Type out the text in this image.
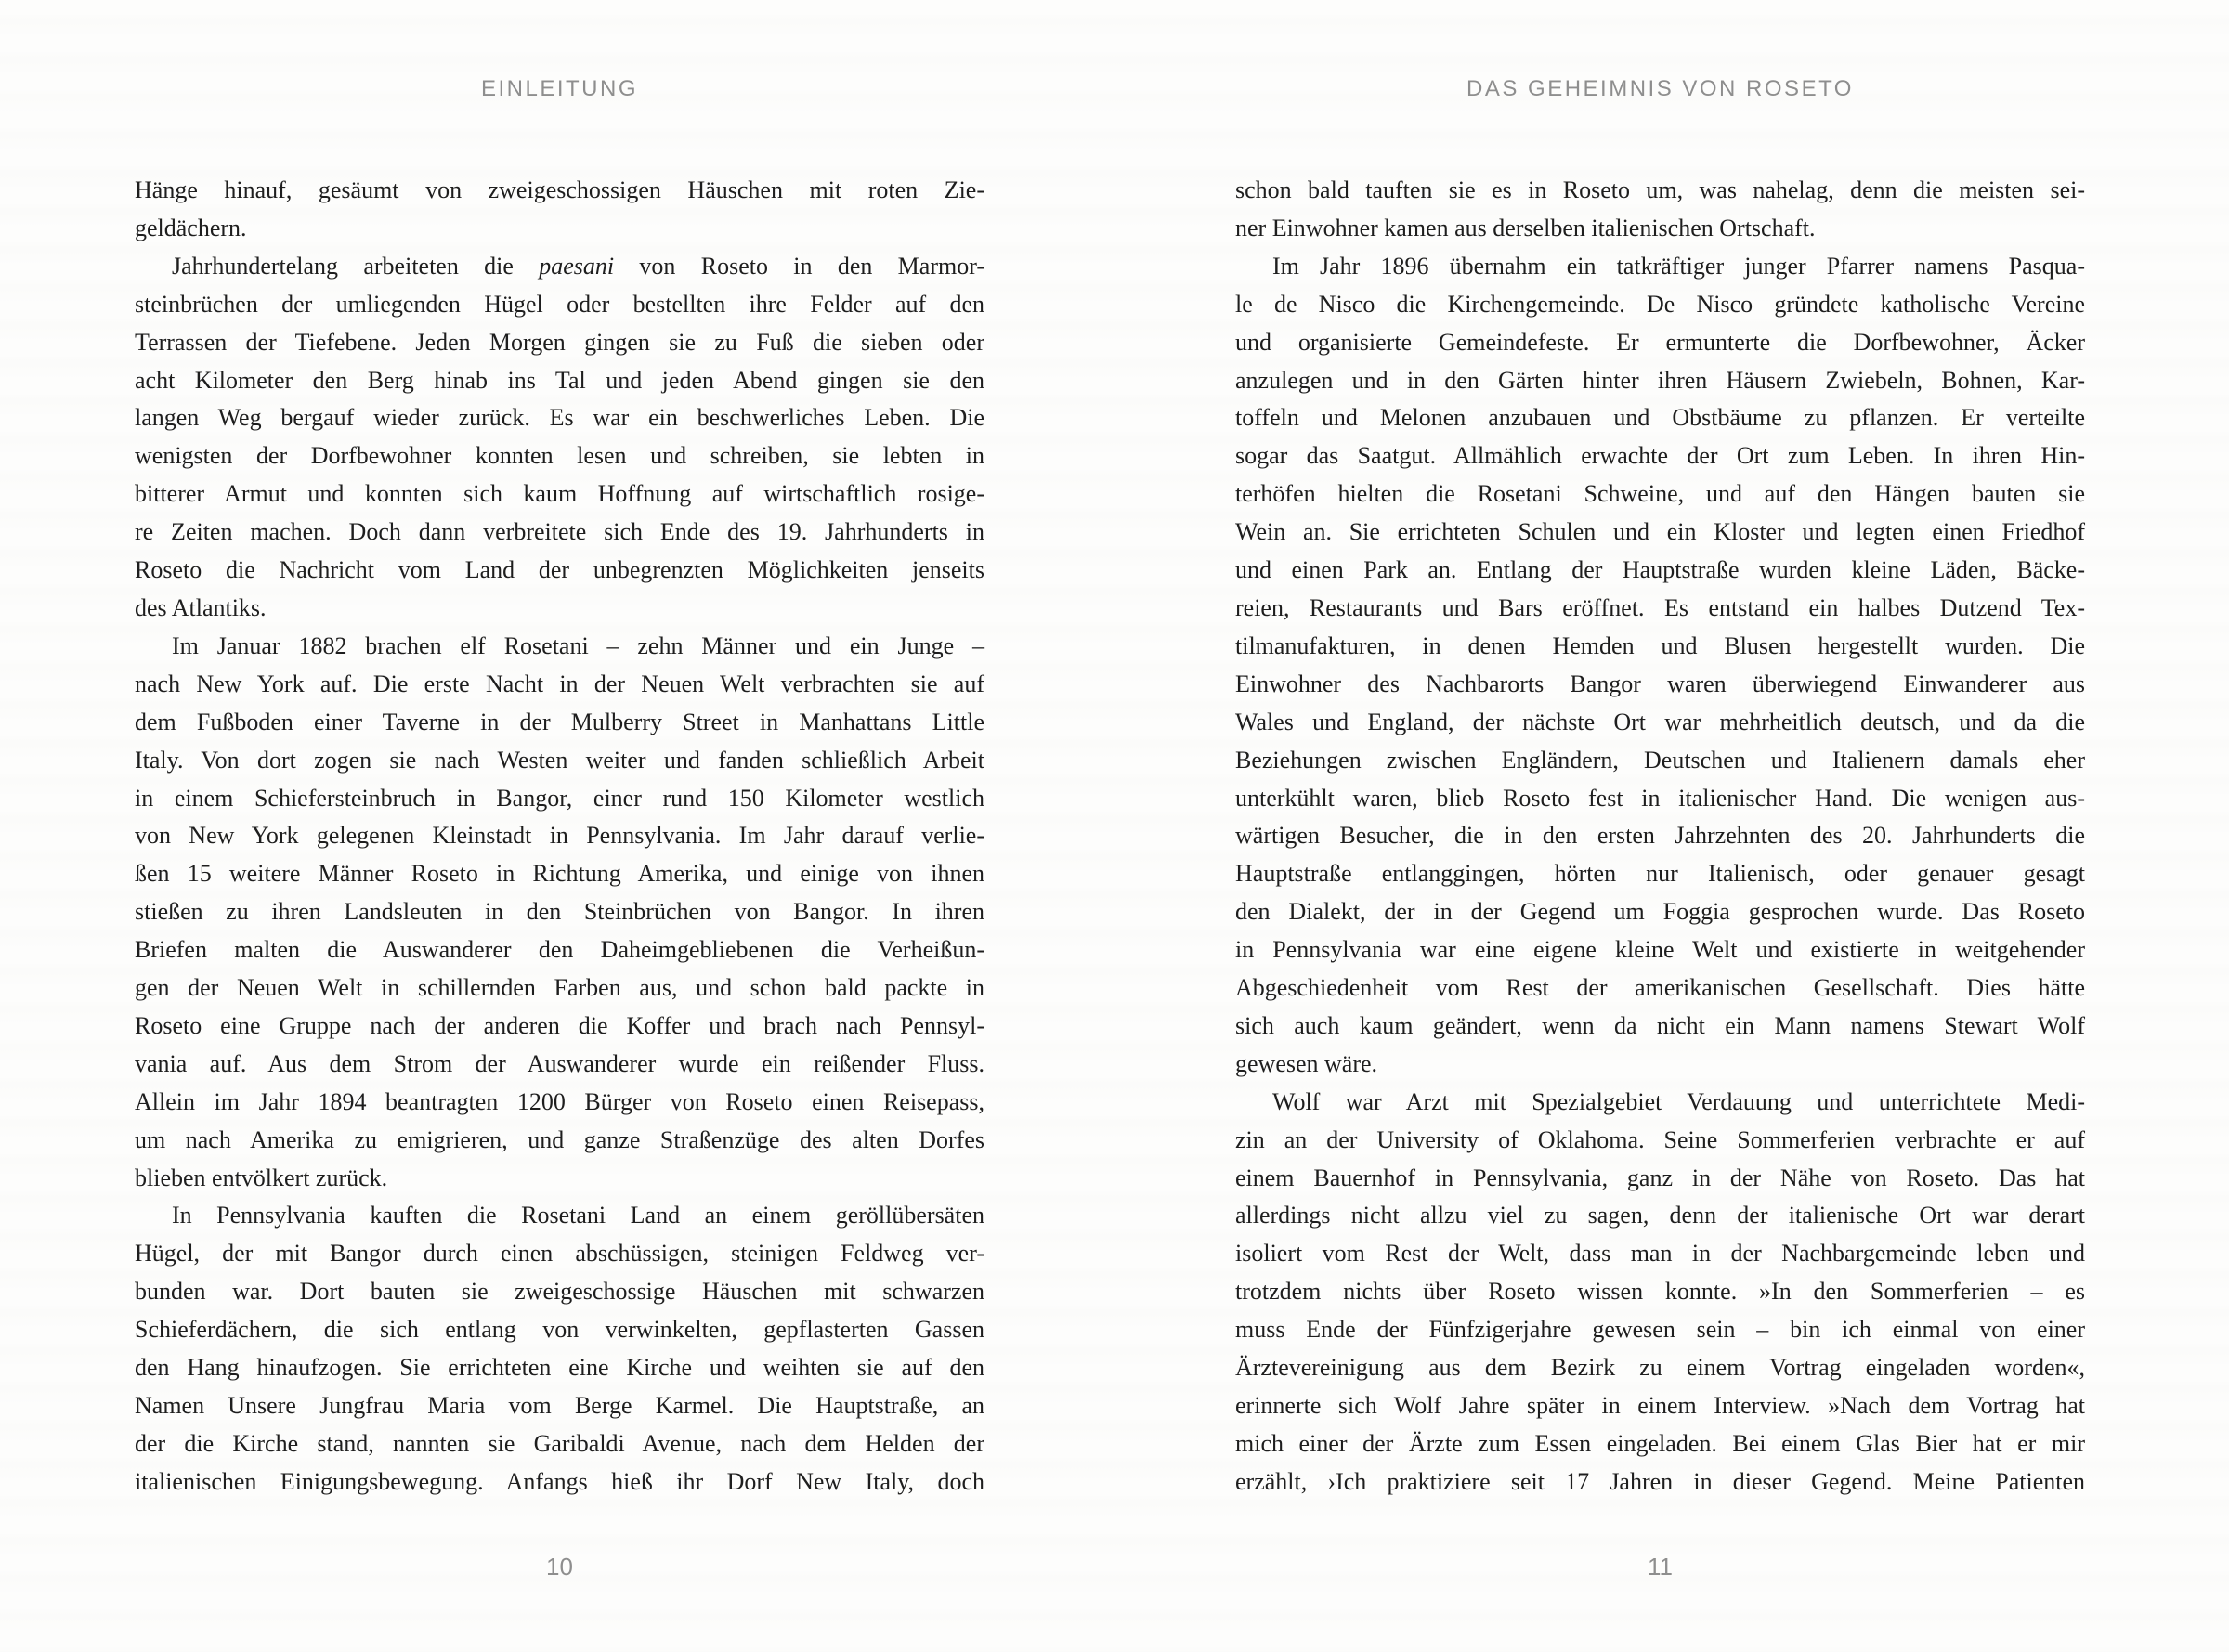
EINLEITUNG
Hänge hinauf, gesäumt von zweigeschossigen Häuschen mit roten Zie-
geldächern.
Jahrhundertelang arbeiteten die paesani von Roseto in den Marmor-
steinbrüchen der umliegenden Hügel oder bestellten ihre Felder auf den
Terrassen der Tiefebene. Jeden Morgen gingen sie zu Fuß die sieben oder
acht Kilometer den Berg hinab ins Tal und jeden Abend gingen sie den
langen Weg bergauf wieder zurück. Es war ein beschwerliches Leben. Die
wenigsten der Dorfbewohner konnten lesen und schreiben, sie lebten in
bitterer Armut und konnten sich kaum Hoffnung auf wirtschaftlich rosige-
re Zeiten machen. Doch dann verbreitete sich Ende des 19. Jahrhunderts in
Roseto die Nachricht vom Land der unbegrenzten Möglichkeiten jenseits
des Atlantiks.
Im Januar 1882 brachen elf Rosetani – zehn Männer und ein Junge –
nach New York auf. Die erste Nacht in der Neuen Welt verbrachten sie auf
dem Fußboden einer Taverne in der Mulberry Street in Manhattans Little
Italy. Von dort zogen sie nach Westen weiter und fanden schließlich Arbeit
in einem Schiefersteinbruch in Bangor, einer rund 150 Kilometer westlich
von New York gelegenen Kleinstadt in Pennsylvania. Im Jahr darauf verlie-
ßen 15 weitere Männer Roseto in Richtung Amerika, und einige von ihnen
stießen zu ihren Landsleuten in den Steinbrüchen von Bangor. In ihren
Briefen malten die Auswanderer den Daheimgebliebenen die Verheißun-
gen der Neuen Welt in schillernden Farben aus, und schon bald packte in
Roseto eine Gruppe nach der anderen die Koffer und brach nach Pennsyl-
vania auf. Aus dem Strom der Auswanderer wurde ein reißender Fluss.
Allein im Jahr 1894 beantragten 1200 Bürger von Roseto einen Reisepass,
um nach Amerika zu emigrieren, und ganze Straßenzüge des alten Dorfes
blieben entvölkert zurück.
In Pennsylvania kauften die Rosetani Land an einem geröllübersäten
Hügel, der mit Bangor durch einen abschüssigen, steinigen Feldweg ver-
bunden war. Dort bauten sie zweigeschossige Häuschen mit schwarzen
Schieferdächern, die sich entlang von verwinkelten, gepflasterten Gassen
den Hang hinaufzogen. Sie errichteten eine Kirche und weihten sie auf den
Namen Unsere Jungfrau Maria vom Berge Karmel. Die Hauptstraße, an
der die Kirche stand, nannten sie Garibaldi Avenue, nach dem Helden der
italienischen Einigungsbewegung. Anfangs hieß ihr Dorf New Italy, doch
10
DAS GEHEIMNIS VON ROSETO
schon bald tauften sie es in Roseto um, was nahelag, denn die meisten sei-
ner Einwohner kamen aus derselben italienischen Ortschaft.
Im Jahr 1896 übernahm ein tatkräftiger junger Pfarrer namens Pasqua-
le de Nisco die Kirchengemeinde. De Nisco gründete katholische Vereine
und organisierte Gemeindefeste. Er ermunterte die Dorfbewohner, Äcker
anzulegen und in den Gärten hinter ihren Häusern Zwiebeln, Bohnen, Kar-
toffeln und Melonen anzubauen und Obstbäume zu pflanzen. Er verteilte
sogar das Saatgut. Allmählich erwachte der Ort zum Leben. In ihren Hin-
terhöfen hielten die Rosetani Schweine, und auf den Hängen bauten sie
Wein an. Sie errichteten Schulen und ein Kloster und legten einen Friedhof
und einen Park an. Entlang der Hauptstraße wurden kleine Läden, Bäcke-
reien, Restaurants und Bars eröffnet. Es entstand ein halbes Dutzend Tex-
tilmanufakturen, in denen Hemden und Blusen hergestellt wurden. Die
Einwohner des Nachbarorts Bangor waren überwiegend Einwanderer aus
Wales und England, der nächste Ort war mehrheitlich deutsch, und da die
Beziehungen zwischen Engländern, Deutschen und Italienern damals eher
unterkühlt waren, blieb Roseto fest in italienischer Hand. Die wenigen aus-
wärtigen Besucher, die in den ersten Jahrzehnten des 20. Jahrhunderts die
Hauptstraße entlanggingen, hörten nur Italienisch, oder genauer gesagt
den Dialekt, der in der Gegend um Foggia gesprochen wurde. Das Roseto
in Pennsylvania war eine eigene kleine Welt und existierte in weitgehender
Abgeschiedenheit vom Rest der amerikanischen Gesellschaft. Dies hätte
sich auch kaum geändert, wenn da nicht ein Mann namens Stewart Wolf
gewesen wäre.
Wolf war Arzt mit Spezialgebiet Verdauung und unterrichtete Medi-
zin an der University of Oklahoma. Seine Sommerferien verbrachte er auf
einem Bauernhof in Pennsylvania, ganz in der Nähe von Roseto. Das hat
allerdings nicht allzu viel zu sagen, denn der italienische Ort war derart
isoliert vom Rest der Welt, dass man in der Nachbargemeinde leben und
trotzdem nichts über Roseto wissen konnte. »In den Sommerferien – es
muss Ende der Fünfzigerjahre gewesen sein – bin ich einmal von einer
Ärztevereinigung aus dem Bezirk zu einem Vortrag eingeladen worden«,
erinnerte sich Wolf Jahre später in einem Interview. »Nach dem Vortrag hat
mich einer der Ärzte zum Essen eingeladen. Bei einem Glas Bier hat er mir
erzählt, ›Ich praktiziere seit 17 Jahren in dieser Gegend. Meine Patienten
11
